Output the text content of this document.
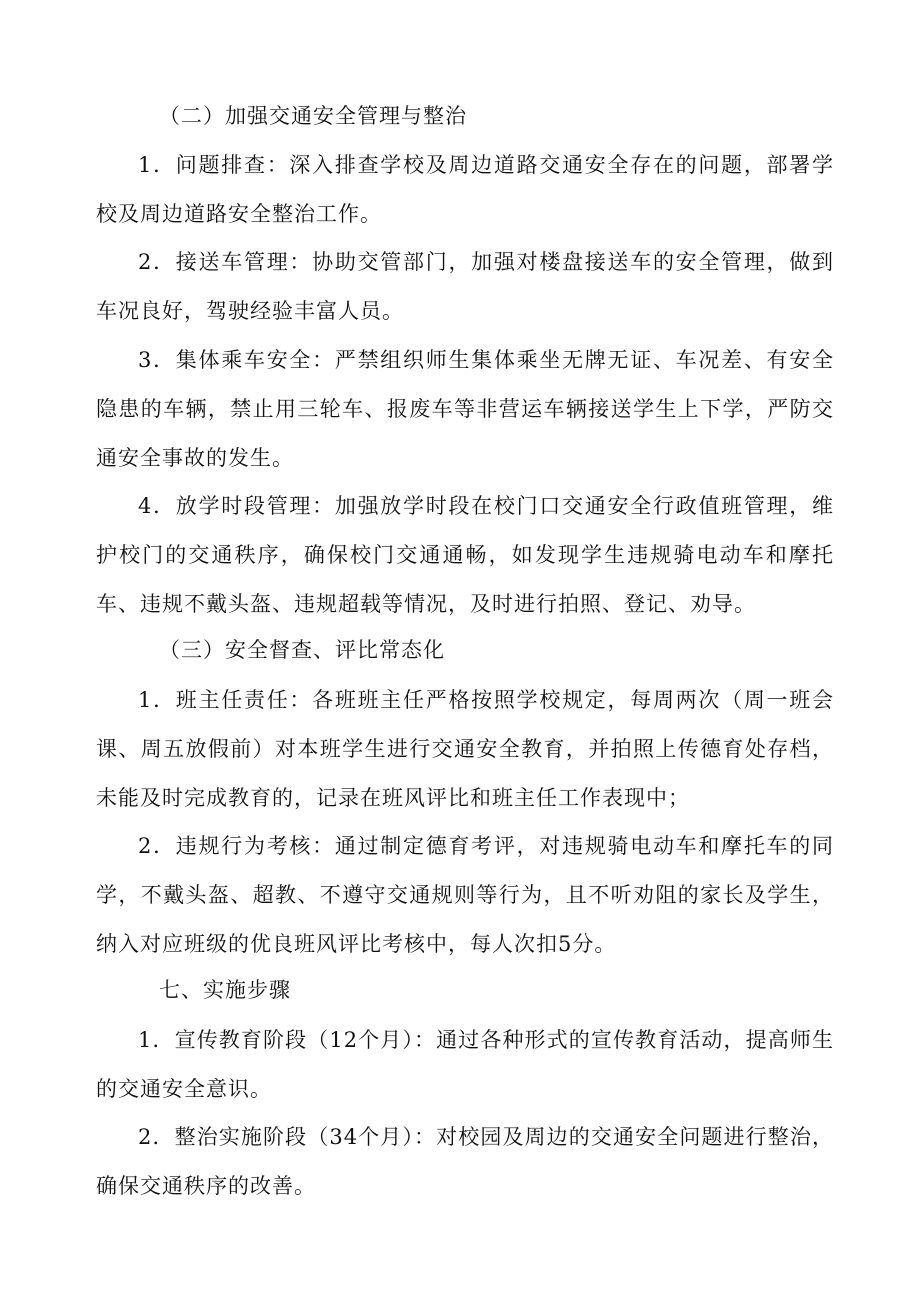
（二）加强交通安全管理与整治

1．问题排查：深入排查学校及周边道路交通安全存在的问题，部署学校及周边道路安全整治工作。

2．接送车管理：协助交管部门，加强对楼盘接送车的安全管理，做到车况良好，驾驶经验丰富人员。

3．集体乘车安全：严禁组织师生集体乘坐无牌无证、车况差、有安全隐患的车辆，禁止用三轮车、报废车等非营运车辆接送学生上下学，严防交通安全事故的发生。

4．放学时段管理：加强放学时段在校门口交通安全行政值班管理，维护校门的交通秩序，确保校门交通通畅，如发现学生违规骑电动车和摩托车、违规不戴头盔、违规超载等情况，及时进行拍照、登记、劝导。

（三）安全督查、评比常态化

1．班主任责任：各班班主任严格按照学校规定，每周两次（周一班会课、周五放假前）对本班学生进行交通安全教育，并拍照上传德育处存档，未能及时完成教育的，记录在班风评比和班主任工作表现中；

2．违规行为考核：通过制定德育考评，对违规骑电动车和摩托车的同学，不戴头盔、超教、不遵守交通规则等行为，且不听劝阻的家长及学生，纳入对应班级的优良班风评比考核中，每人次扣5分。

七、实施步骤

1．宣传教育阶段（12个月）：通过各种形式的宣传教育活动，提高师生的交通安全意识。

2．整治实施阶段（34个月）：对校园及周边的交通安全问题进行整治，确保交通秩序的改善。
